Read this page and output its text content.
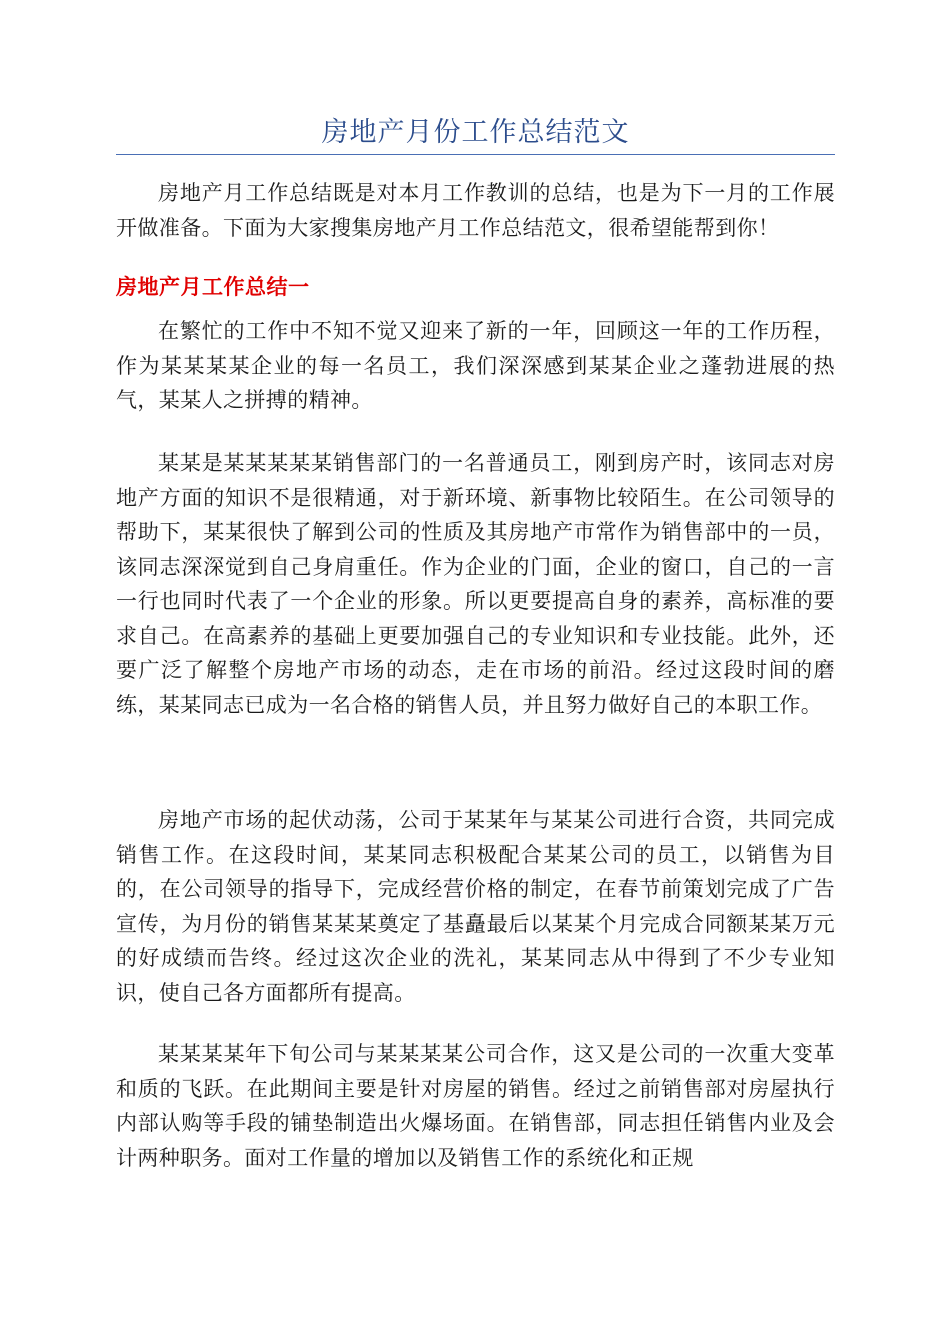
房地产月份工作总结范文

房地产月工作总结既是对本月工作教训的总结，也是为下一月的工作展开做准备。下面为大家搜集房地产月工作总结范文，很希望能帮到你！

房地产月工作总结一

在繁忙的工作中不知不觉又迎来了新的一年，回顾这一年的工作历程，作为某某某某企业的每一名员工，我们深深感到某某企业之蓬勃进展的热气，某某人之拼搏的精神。

某某是某某某某某销售部门的一名普通员工，刚到房产时，该同志对房地产方面的知识不是很精通，对于新环境、新事物比较陌生。在公司领导的帮助下，某某很快了解到公司的性质及其房地产市常作为销售部中的一员，该同志深深觉到自己身肩重任。作为企业的门面，企业的窗口，自己的一言一行也同时代表了一个企业的形象。所以更要提高自身的素养，高标准的要求自己。在高素养的基础上更要加强自己的专业知识和专业技能。此外，还要广泛了解整个房地产市场的动态，走在市场的前沿。经过这段时间的磨练，某某同志已成为一名合格的销售人员，并且努力做好自己的本职工作。

房地产市场的起伏动荡，公司于某某年与某某公司进行合资，共同完成销售工作。在这段时间，某某同志积极配合某某公司的员工，以销售为目的，在公司领导的指导下，完成经营价格的制定，在春节前策划完成了广告宣传，为月份的销售某某某奠定了基矗最后以某某个月完成合同额某某万元的好成绩而告终。经过这次企业的洗礼，某某同志从中得到了不少专业知识，使自己各方面都所有提高。

某某某某年下旬公司与某某某某公司合作，这又是公司的一次重大变革和质的飞跃。在此期间主要是针对房屋的销售。经过之前销售部对房屋执行内部认购等手段的铺垫制造出火爆场面。在销售部，同志担任销售内业及会计两种职务。面对工作量的增加以及销售工作的系统化和正规
